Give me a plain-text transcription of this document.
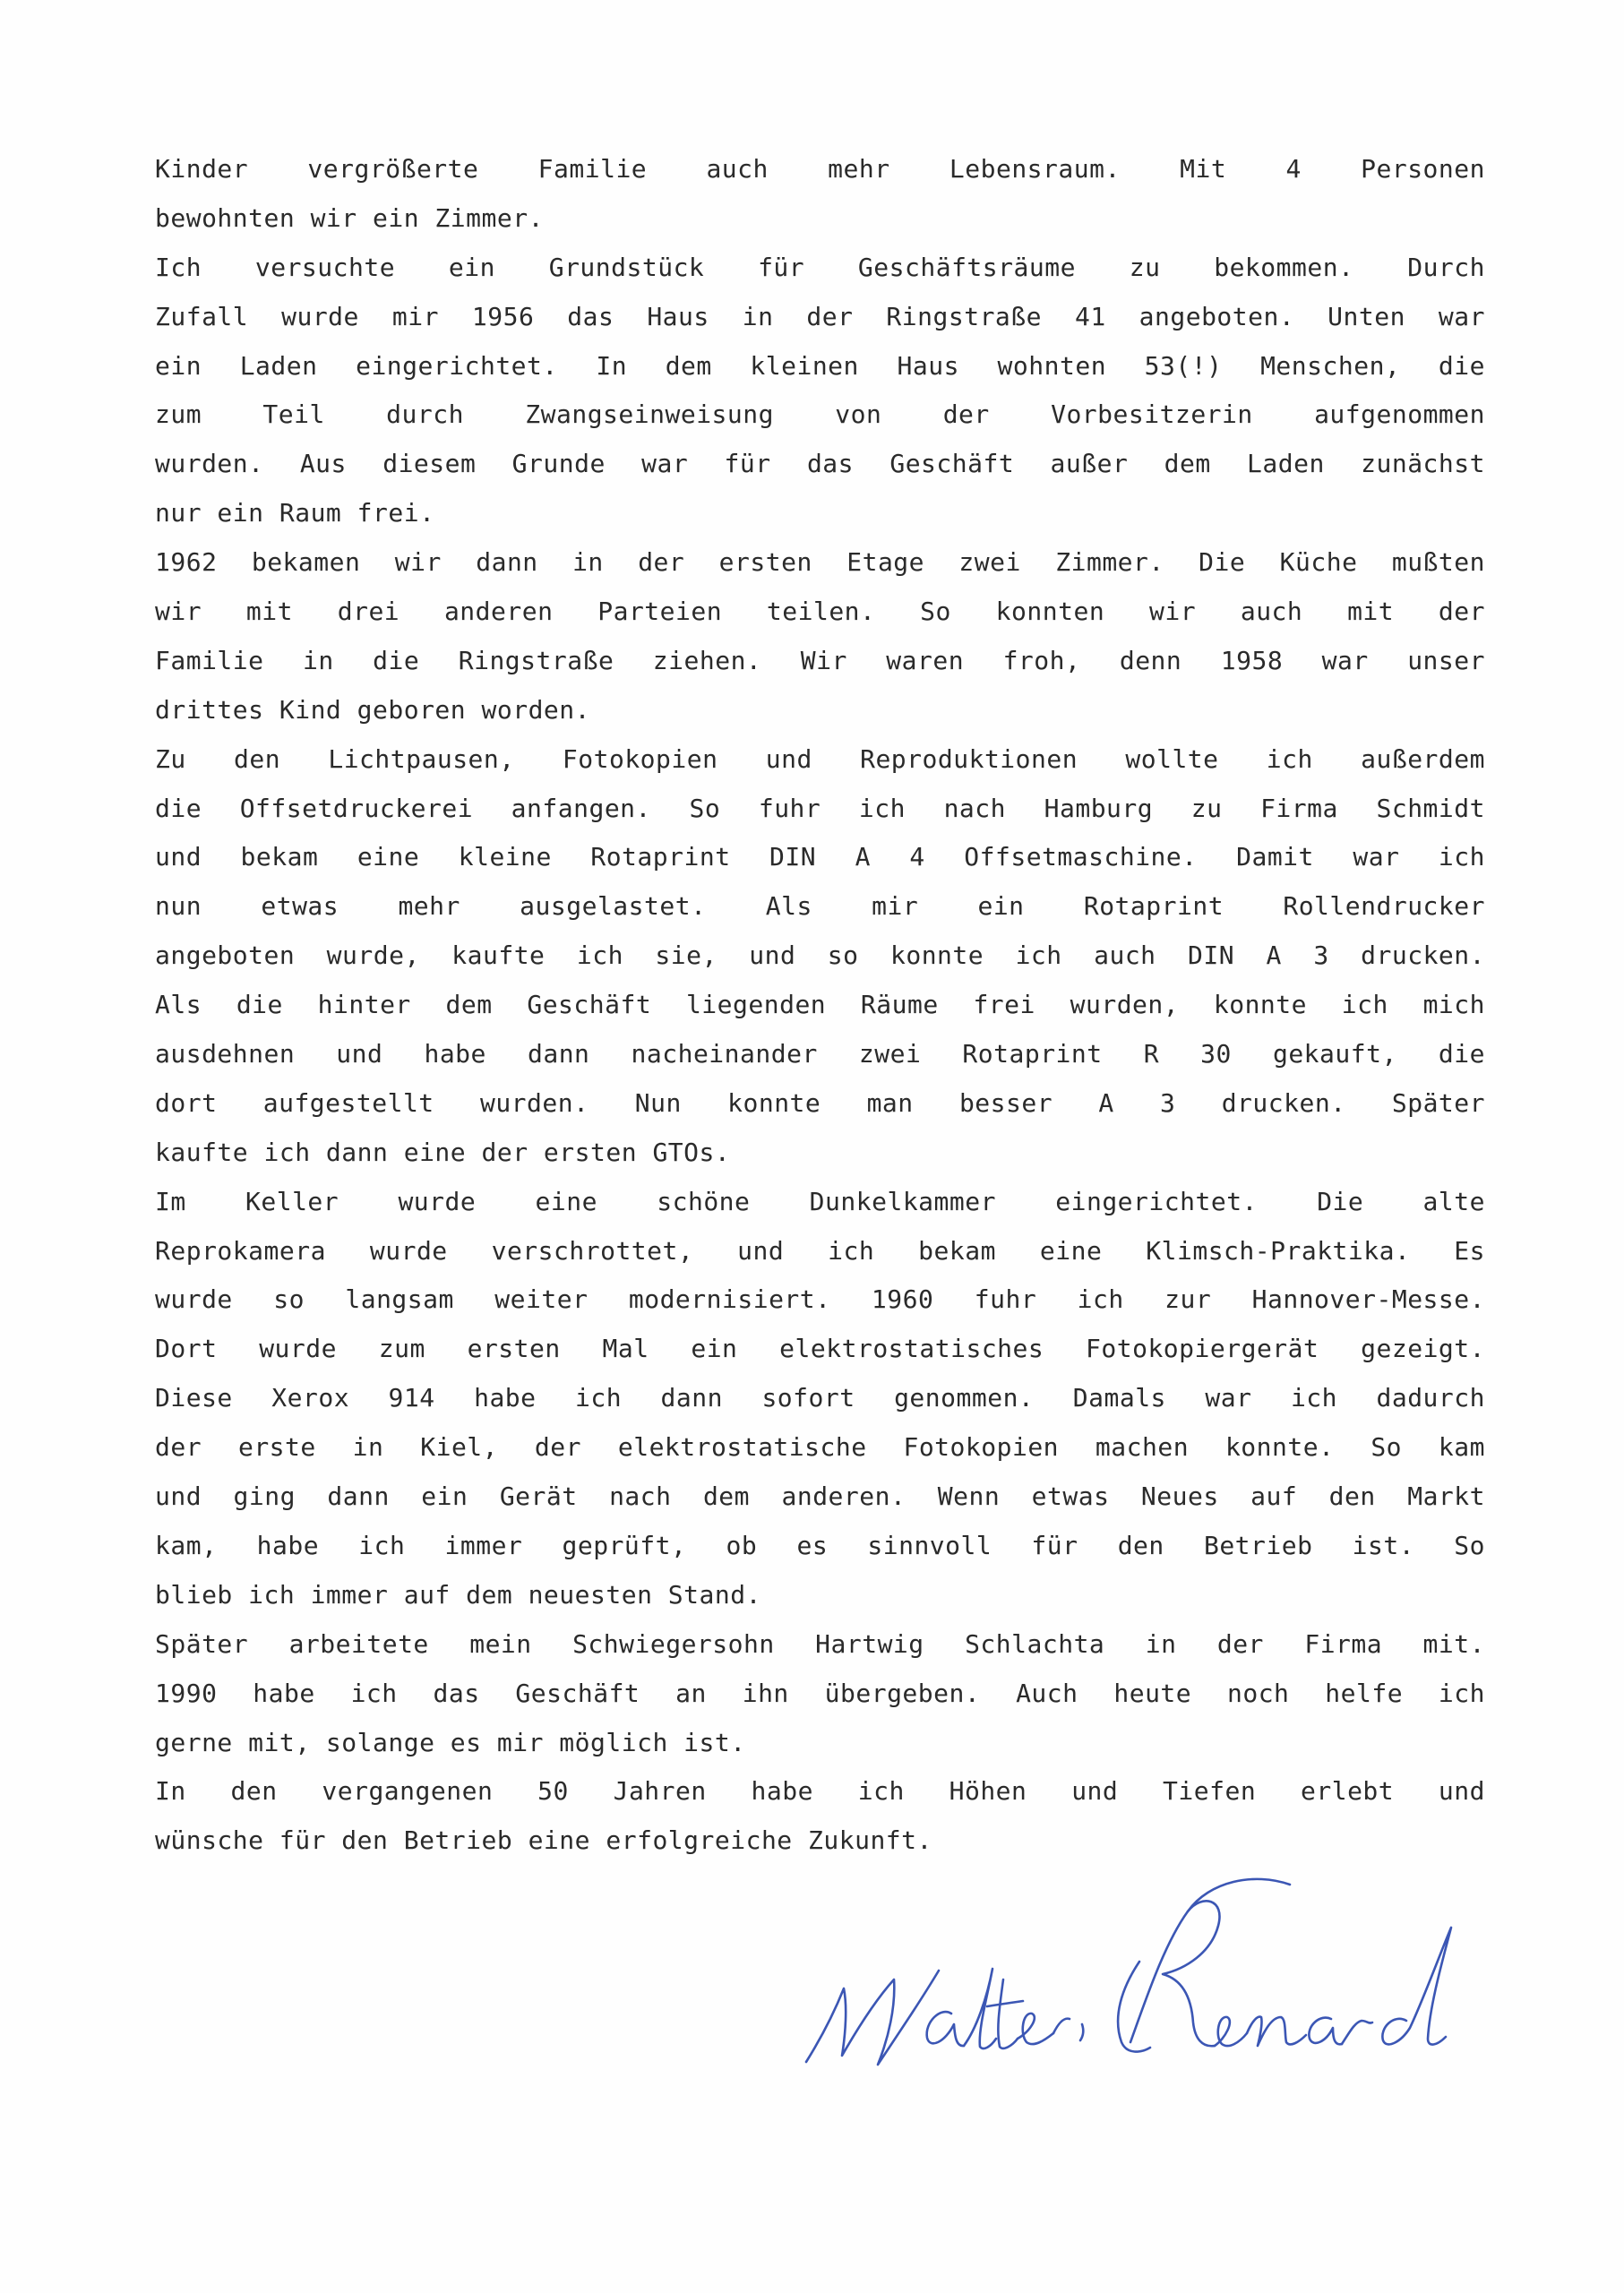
Kinder vergrößerte Familie auch mehr Lebensraum. Mit 4 Personen
bewohnten wir ein Zimmer.
Ich versuchte ein Grundstück für Geschäftsräume zu bekommen. Durch
Zufall wurde mir 1956 das Haus in der Ringstraße 41 angeboten. Unten war
ein Laden eingerichtet. In dem kleinen Haus wohnten 53(!) Menschen, die
zum Teil durch Zwangseinweisung von der Vorbesitzerin aufgenommen
wurden. Aus diesem Grunde war für das Geschäft außer dem Laden zunächst
nur ein Raum frei.
1962 bekamen wir dann in der ersten Etage zwei Zimmer. Die Küche mußten
wir mit drei anderen Parteien teilen. So konnten wir auch mit der
Familie in die Ringstraße ziehen. Wir waren froh, denn 1958 war unser
drittes Kind geboren worden.
Zu den Lichtpausen, Fotokopien und Reproduktionen wollte ich außerdem
die Offsetdruckerei anfangen. So fuhr ich nach Hamburg zu Firma Schmidt
und bekam eine kleine Rotaprint DIN A 4 Offsetmaschine. Damit war ich
nun etwas mehr ausgelastet. Als mir ein Rotaprint Rollendrucker
angeboten wurde, kaufte ich sie, und so konnte ich auch DIN A 3 drucken.
Als die hinter dem Geschäft liegenden Räume frei wurden, konnte ich mich
ausdehnen und habe dann nacheinander zwei Rotaprint R 30 gekauft, die
dort aufgestellt wurden. Nun konnte man besser A 3 drucken. Später
kaufte ich dann eine der ersten GTOs.
Im Keller wurde eine schöne Dunkelkammer eingerichtet. Die alte
Reprokamera wurde verschrottet, und ich bekam eine Klimsch-Praktika. Es
wurde so langsam weiter modernisiert. 1960 fuhr ich zur Hannover-Messe.
Dort wurde zum ersten Mal ein elektrostatisches Fotokopiergerät gezeigt.
Diese Xerox 914 habe ich dann sofort genommen. Damals war ich dadurch
der erste in Kiel, der elektrostatische Fotokopien machen konnte. So kam
und ging dann ein Gerät nach dem anderen. Wenn etwas Neues auf den Markt
kam, habe ich immer geprüft, ob es sinnvoll für den Betrieb ist. So
blieb ich immer auf dem neuesten Stand.
Später arbeitete mein Schwiegersohn Hartwig Schlachta in der Firma mit.
1990 habe ich das Geschäft an ihn übergeben. Auch heute noch helfe ich
gerne mit, solange es mir möglich ist.
In den vergangenen 50 Jahren habe ich Höhen und Tiefen erlebt und
wünsche für den Betrieb eine erfolgreiche Zukunft.
